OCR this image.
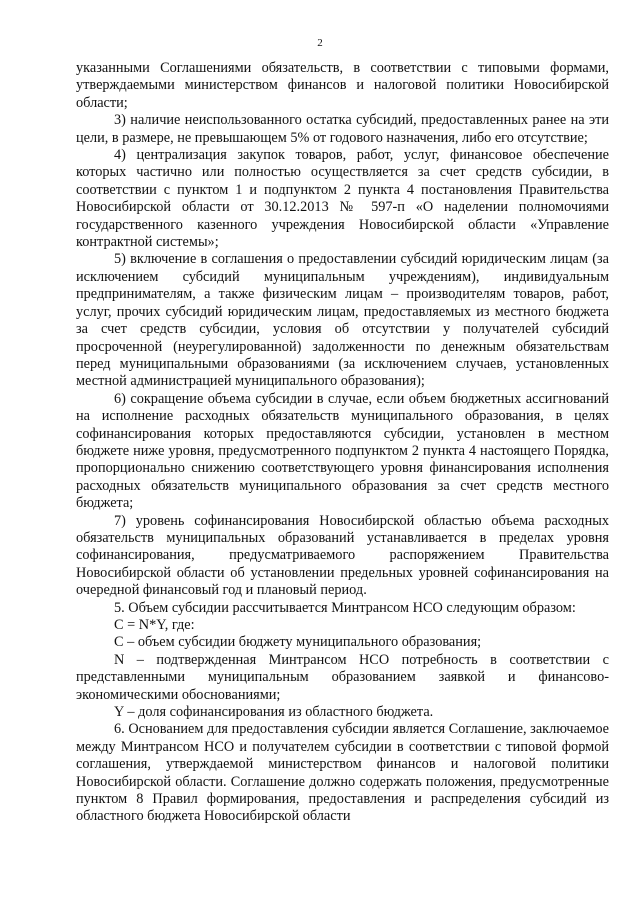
2

указанными Соглашениями обязательств, в соответствии с типовыми формами, утверждаемыми министерством финансов и налоговой политики Новосибирской области;

3) наличие неиспользованного остатка субсидий, предоставленных ранее на эти цели, в размере, не превышающем 5% от годового назначения, либо его отсутствие;

4) централизация закупок товаров, работ, услуг, финансовое обеспечение которых частично или полностью осуществляется за счет средств субсидии, в соответствии с пунктом 1 и подпунктом 2 пункта 4 постановления Правительства Новосибирской области от 30.12.2013 № 597-п «О наделении полномочиями государственного казенного учреждения Новосибирской области «Управление контрактной системы»;

5) включение в соглашения о предоставлении субсидий юридическим лицам (за исключением субсидий муниципальным учреждениям), индивидуальным предпринимателям, а также физическим лицам – производителям товаров, работ, услуг, прочих субсидий юридическим лицам, предоставляемых из местного бюджета за счет средств субсидии, условия об отсутствии у получателей субсидий просроченной (неурегулированной) задолженности по денежным обязательствам перед муниципальными образованиями (за исключением случаев, установленных местной администрацией муниципального образования);

6) сокращение объема субсидии в случае, если объем бюджетных ассигнований на исполнение расходных обязательств муниципального образования, в целях софинансирования которых предоставляются субсидии, установлен в местном бюджете ниже уровня, предусмотренного подпунктом 2 пункта 4 настоящего Порядка, пропорционально снижению соответствующего уровня финансирования исполнения расходных обязательств муниципального образования за счет средств местного бюджета;

7) уровень софинансирования Новосибирской областью объема расходных обязательств муниципальных образований устанавливается в пределах уровня софинансирования, предусматриваемого распоряжением Правительства Новосибирской области об установлении предельных уровней софинансирования на очередной финансовый год и плановый период.

5. Объем субсидии рассчитывается Минтрансом НСО следующим образом:

С = N*Y, где:

С – объем субсидии бюджету муниципального образования;

N – подтвержденная Минтрансом НСО потребность в соответствии с представленными муниципальным образованием заявкой и финансово-экономическими обоснованиями;

Y – доля софинансирования из областного бюджета.

6. Основанием для предоставления субсидии является Соглашение, заключаемое между Минтрансом НСО и получателем субсидии в соответствии с типовой формой соглашения, утверждаемой министерством финансов и налоговой политики Новосибирской области. Соглашение должно содержать положения, предусмотренные пунктом 8 Правил формирования, предоставления и распределения субсидий из областного бюджета Новосибирской области
